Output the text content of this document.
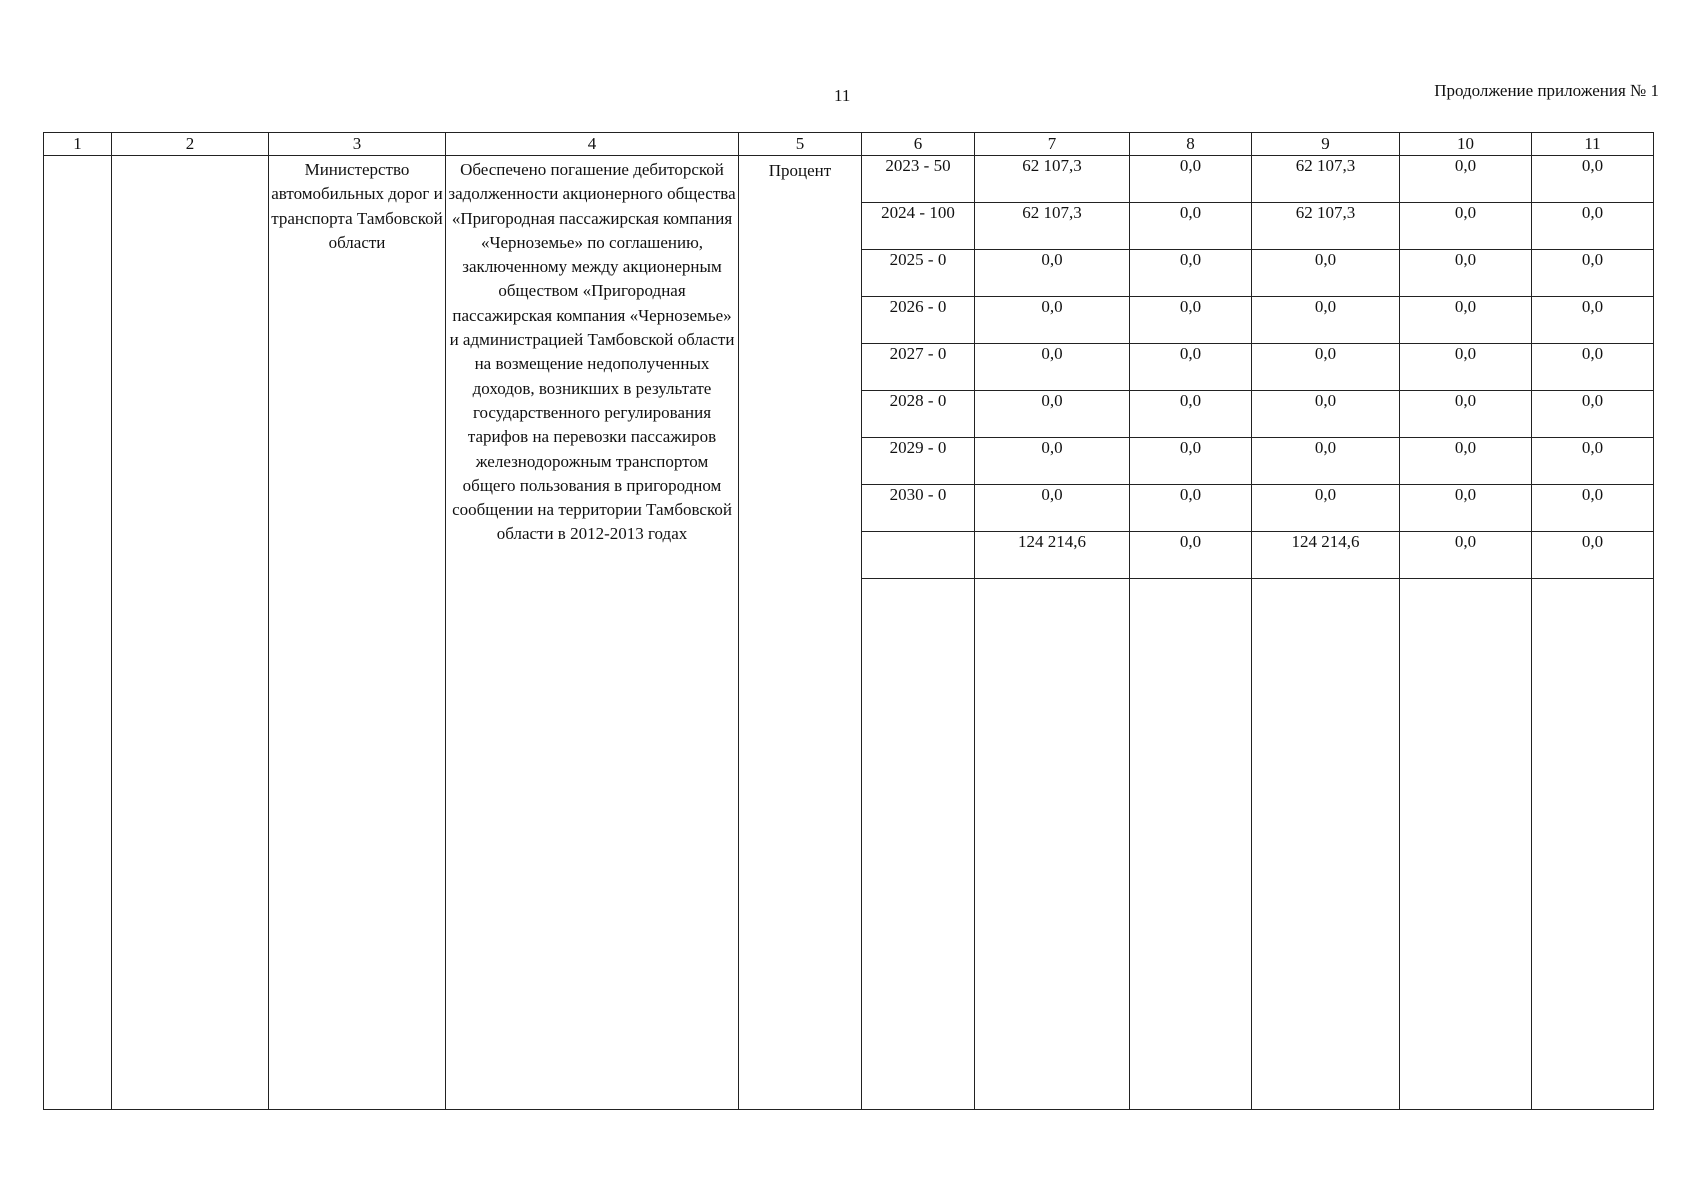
11	Продолжение приложения № 1
1	2	3	4	5	6	7	8	9	10	11

		Министерство автомобильных дорог и транспорта Тамбовской области	Обеспечено погашение дебиторской задолженности акционерного общества «Пригородная пассажирская компания «Черноземье» по соглашению, заключенному между акционерным обществом «Пригородная пассажирская компания «Черноземье» и администрацией Тамбовской области на возмещение недополученных доходов, возникших в результате государственного регулирования тарифов на перевозки пассажиров железнодорожным транспортом общего пользования в пригородном сообщении на территории Тамбовской области в 2012-2013 годах	Процент	2023 - 50	62 107,3	0,0	62 107,3	0,0	0,0
					2024 - 100	62 107,3	0,0	62 107,3	0,0	0,0
					2025 - 0	0,0	0,0	0,0	0,0	0,0
					2026 - 0	0,0	0,0	0,0	0,0	0,0
					2027 - 0	0,0	0,0	0,0	0,0	0,0
					2028 - 0	0,0	0,0	0,0	0,0	0,0
					2029 - 0	0,0	0,0	0,0	0,0	0,0
					2030 - 0	0,0	0,0	0,0	0,0	0,0
						124 214,6	0,0	124 214,6	0,0	0,0
